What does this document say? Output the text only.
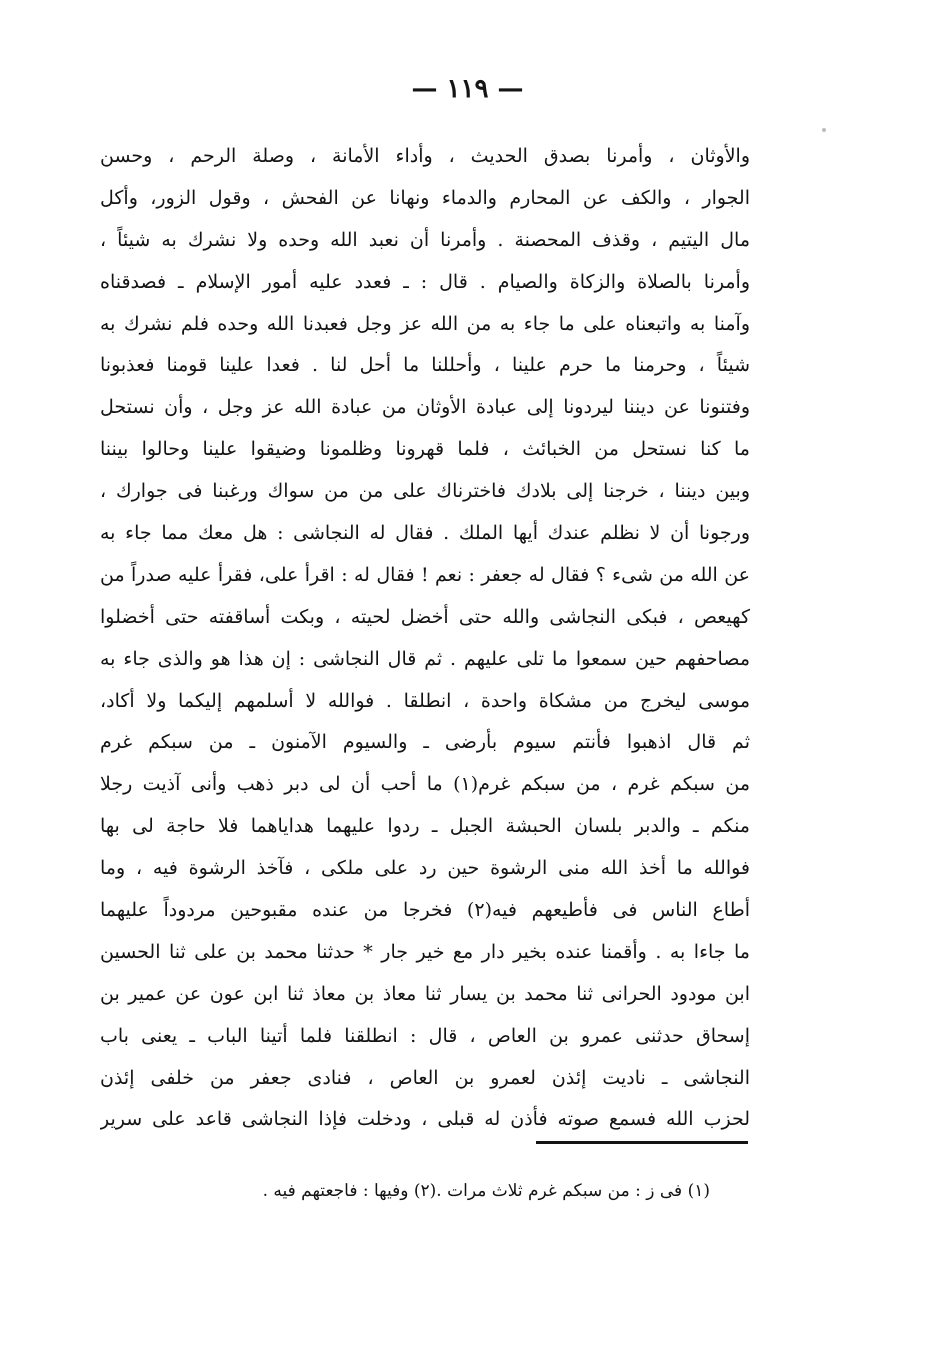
— ١١٩ —
والأوثان ، وأمرنا بصدق الحديث ، وأداء الأمانة ، وصلة الرحم ، وحسن
الجوار ، والكف عن المحارم والدماء ونهانا عن الفحش ، وقول الزور، وأكل
مال اليتيم ، وقذف المحصنة . وأمرنا أن نعبد الله وحده ولا نشرك به شيئاً ،
وأمرنا بالصلاة والزكاة والصيام . قال : ـ فعدد عليه أمور الإسلام ـ فصدقناه
وآمنا به واتبعناه على ما جاء به من الله عز وجل فعبدنا الله وحده فلم نشرك به
شيئاً ، وحرمنا ما حرم علينا ، وأحللنا ما أحل لنا . فعدا علينا قومنا فعذبونا
وفتنونا عن ديننا ليردونا إلى عبادة الأوثان من عبادة الله عز وجل ، وأن نستحل
ما كنا نستحل من الخبائث ، فلما قهرونا وظلمونا وضيقوا علينا وحالوا بيننا
وبين ديننا ، خرجنا إلى بلادك فاخترناك على من من سواك ورغبنا فى جوارك ،
ورجونا أن لا نظلم عندك أيها الملك . فقال له النجاشى : هل معك مما جاء به
عن الله من شىء ؟ فقال له جعفر : نعم ! فقال له : اقرأ على، فقرأ عليه صدراً من
كهيعص ، فبكى النجاشى والله حتى أخضل لحيته ، وبكت أساقفته حتى أخضلوا
مصاحفهم حين سمعوا ما تلى عليهم . ثم قال النجاشى : إن هذا هو والذى جاء به
موسى ليخرج من مشكاة واحدة ، انطلقا . فوالله لا أسلمهم إليكما ولا أكاد،
ثم قال اذهبوا فأنتم سيوم بأرضى ـ والسيوم الآمنون ـ من سبكم غرم
من سبكم غرم ، من سبكم غرم(١) ما أحب أن لى دبر ذهب وأنى آذيت رجلا
منكم ـ والدبر بلسان الحبشة الجبل ـ ردوا عليهما هداياهما فلا حاجة لى بها
فوالله ما أخذ الله منى الرشوة حين رد على ملكى ، فآخذ الرشوة فيه ، وما
أطاع الناس فى فأطيعهم فيه(٢) فخرجا من عنده مقبوحين مردوداً عليهما
ما جاءا به . وأقمنا عنده بخير دار مع خير جار * حدثنا محمد بن على ثنا الحسين
ابن مودود الحرانى ثنا محمد بن يسار ثنا معاذ بن معاذ ثنا ابن عون عن عمير بن
إسحاق حدثنى عمرو بن العاص ، قال : انطلقنا فلما أتينا الباب ـ يعنى باب
النجاشى ـ ناديت إئذن لعمرو بن العاص ، فنادى جعفر من خلفى إئذن
لحزب الله فسمع صوته فأذن له قبلى ، ودخلت فإذا النجاشى قاعد على سرير
(١) فى ز : من سبكم غرم ثلاث مرات .(٢) وفيها : فاجعتهم فيه .
